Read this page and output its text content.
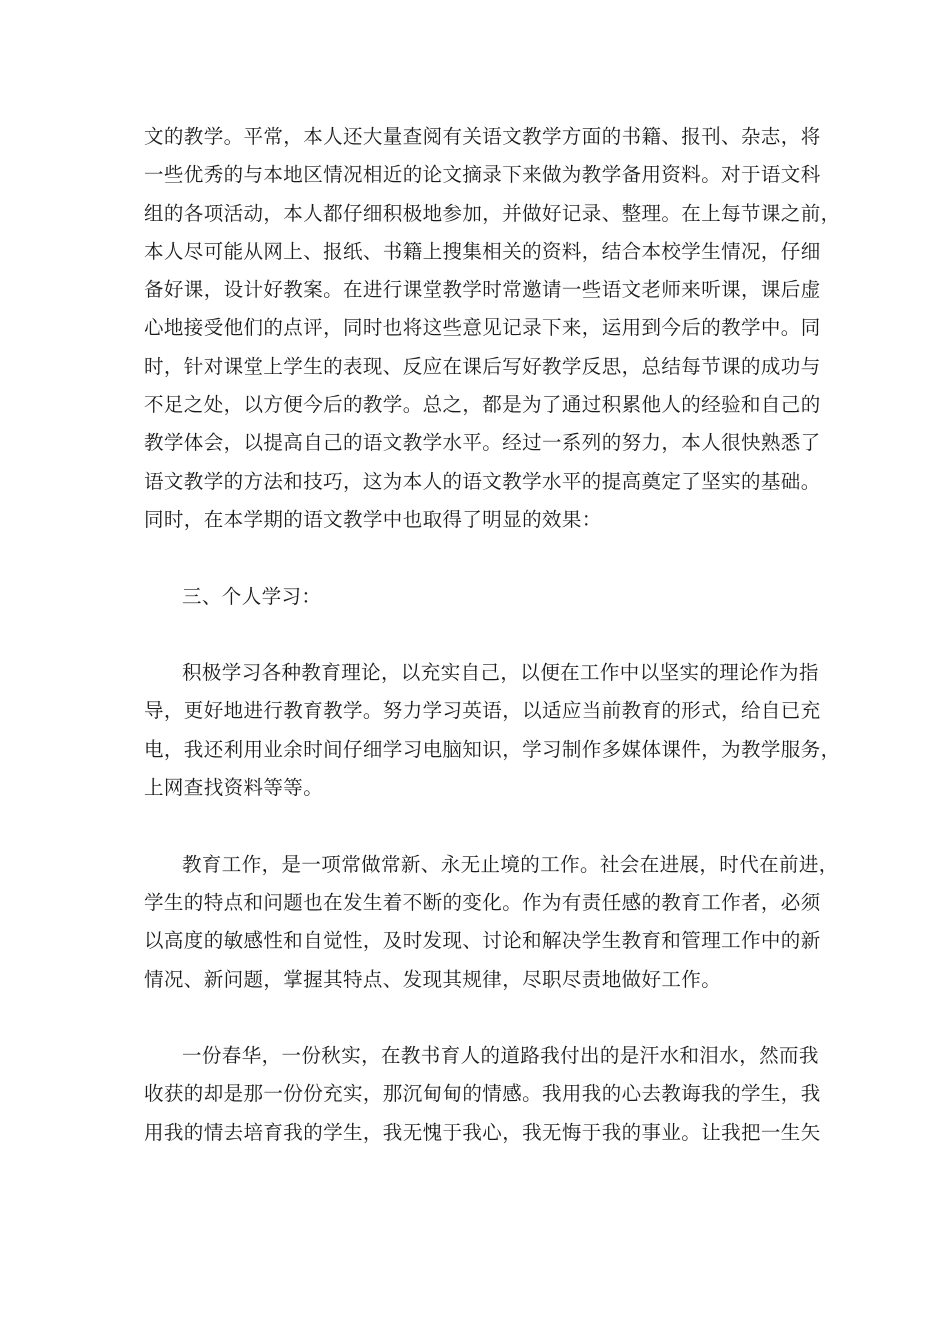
文的教学。平常，本人还大量查阅有关语文教学方面的书籍、报刊、杂志，将
一些优秀的与本地区情况相近的论文摘录下来做为教学备用资料。对于语文科
组的各项活动，本人都仔细积极地参加，并做好记录、整理。在上每节课之前，
本人尽可能从网上、报纸、书籍上搜集相关的资料，结合本校学生情况，仔细
备好课，设计好教案。在进行课堂教学时常邀请一些语文老师来听课，课后虚
心地接受他们的点评，同时也将这些意见记录下来，运用到今后的教学中。同
时，针对课堂上学生的表现、反应在课后写好教学反思，总结每节课的成功与
不足之处，以方便今后的教学。总之，都是为了通过积累他人的经验和自己的
教学体会，以提高自己的语文教学水平。经过一系列的努力，本人很快熟悉了
语文教学的方法和技巧，这为本人的语文教学水平的提高奠定了坚实的基础。
同时，在本学期的语文教学中也取得了明显的效果：
三、个人学习：
积极学习各种教育理论，以充实自己，以便在工作中以坚实的理论作为指
导，更好地进行教育教学。努力学习英语，以适应当前教育的形式，给自已充
电，我还利用业余时间仔细学习电脑知识，学习制作多媒体课件，为教学服务，
上网查找资料等等。
教育工作，是一项常做常新、永无止境的工作。社会在进展，时代在前进，
学生的特点和问题也在发生着不断的变化。作为有责任感的教育工作者，必须
以高度的敏感性和自觉性，及时发现、讨论和解决学生教育和管理工作中的新
情况、新问题，掌握其特点、发现其规律，尽职尽责地做好工作。
一份春华，一份秋实，在教书育人的道路我付出的是汗水和泪水，然而我
收获的却是那一份份充实，那沉甸甸的情感。我用我的心去教诲我的学生，我
用我的情去培育我的学生，我无愧于我心，我无悔于我的事业。让我把一生矢
